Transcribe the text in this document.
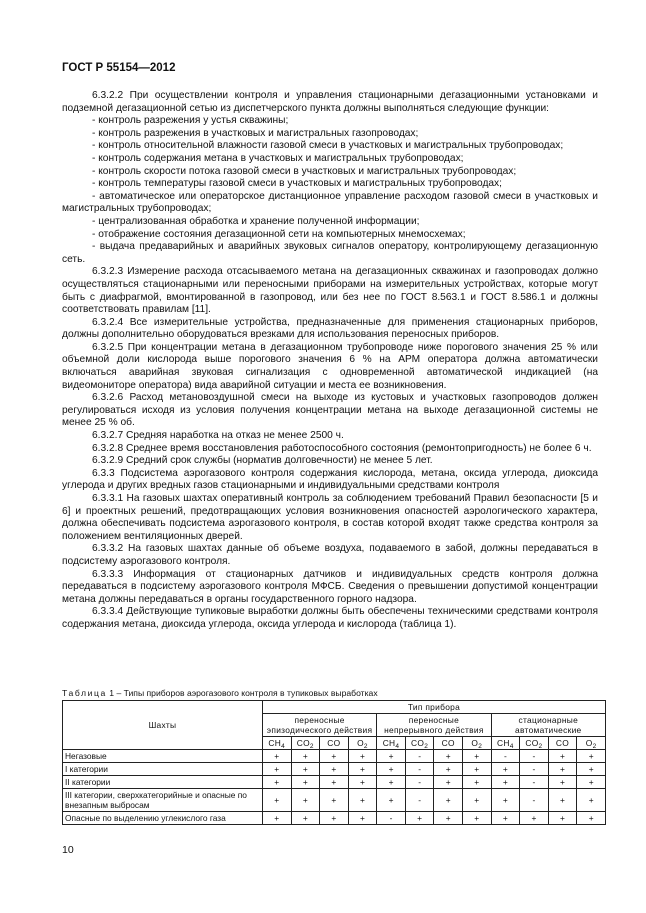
ГОСТ Р 55154—2012

6.3.2.2 При осуществлении контроля и управления стационарными дегазационными установками и подземной дегазационной сетью из диспетчерского пункта должны выполняться следующие функции:

- контроль разрежения у устья скважины;

- контроль разрежения в участковых и магистральных газопроводах;

- контроль относительной влажности газовой смеси в участковых и магистральных трубопроводах;

- контроль содержания метана в участковых и магистральных трубопроводах;

- контроль скорости потока газовой смеси в участковых и магистральных трубопроводах;

- контроль температуры газовой смеси в участковых и магистральных трубопроводах;

- автоматическое или операторское дистанционное управление расходом газовой смеси в участковых и магистральных трубопроводах;

- централизованная обработка и хранение полученной информации;

- отображение состояния дегазационной сети на компьютерных мнемосхемах;

- выдача предаварийных и аварийных звуковых сигналов оператору, контролирующему дегазационную сеть.

6.3.2.3 Измерение расхода отсасываемого метана на дегазационных скважинах и газопроводах должно осуществляться стационарными или переносными приборами на измерительных устройствах, которые могут быть с диафрагмой, вмонтированной в газопровод, или без нее по ГОСТ 8.563.1 и ГОСТ 8.586.1 и должны соответствовать правилам [11].

6.3.2.4 Все измерительные устройства, предназначенные для применения стационарных приборов, должны дополнительно оборудоваться врезками для использования переносных приборов.

6.3.2.5 При концентрации метана в дегазационном трубопроводе ниже порогового значения 25 % или объемной доли кислорода выше порогового значения 6 % на АРМ оператора должна автоматически включаться аварийная звуковая сигнализация с одновременной автоматической индикацией (на видеомониторе оператора) вида аварийной ситуации и места ее возникновения.

6.3.2.6 Расход метановоздушной смеси на выходе из кустовых и участковых газопроводов должен регулироваться исходя из условия получения концентрации метана на выходе дегазационной системы не менее 25 % об.

6.3.2.7 Средняя наработка на отказ не менее 2500 ч.

6.3.2.8 Среднее время восстановления работоспособного состояния (ремонтопригодность) не более 6 ч.

6.3.2.9 Средний срок службы (норматив долговечности) не менее 5 лет.

6.3.3 Подсистема аэрогазового контроля содержания кислорода, метана, оксида углерода, диоксида углерода и других вредных газов стационарными и индивидуальными средствами контроля

6.3.3.1 На газовых шахтах оперативный контроль за соблюдением требований Правил безопасности [5 и 6] и проектных решений, предотвращающих условия возникновения опасностей аэрологического характера, должна обеспечивать подсистема аэрогазового контроля, в состав которой входят также средства контроля за положением вентиляционных дверей.

6.3.3.2 На газовых шахтах данные об объеме воздуха, подаваемого в забой, должны передаваться в подсистему аэрогазового контроля.

6.3.3.3 Информация от стационарных датчиков и индивидуальных средств контроля должна передаваться в подсистему аэрогазового контроля МФСБ. Сведения о превышении допустимой концентрации метана должны передаваться в органы государственного горного надзора.

6.3.3.4 Действующие тупиковые выработки должны быть обеспечены техническими средствами контроля содержания метана, диоксида углерода, оксида углерода и кислорода (таблица 1).

Таблица 1 – Типы приборов аэрогазового контроля в тупиковых выработках
Шахты	Тип прибора											
	переносные эпизодического действия				переносные непрерывного действия				стационарные автоматические			
	$CH_4$	$CO_2$	CO	$O_2$	$CH_4$	$CO_2$	CO	$O_2$	$CH_4$	$CO_2$	CO	$O_2$
Негазовые	+	+	+	+	+	-	+	+	-	-	+	+
I категории	+	+	+	+	+	-	+	+	+	-	+	+
II категории	+	+	+	+	+	-	+	+	+	-	+	+
III категории, сверхкатегорийные и опасные по внезапным выбросам	+	+	+	+	+	-	+	+	+	-	+	+
Опасные по выделению углекислого газа	+	+	+	+	-	+	+	+	+	+	+	+
10
